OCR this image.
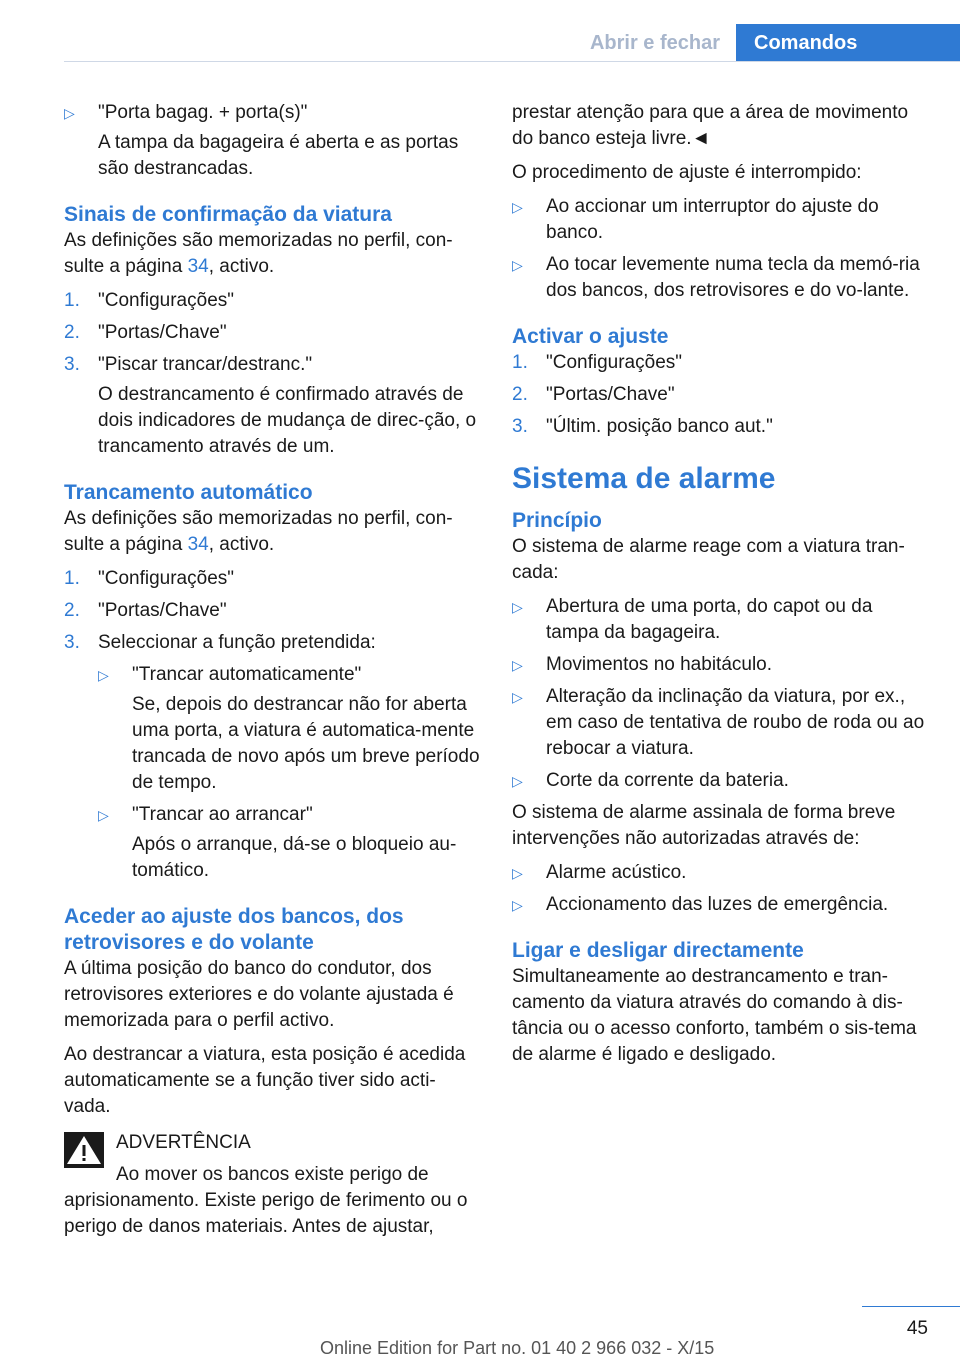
Abrir e fechar	Comandos
▷	"Porta bagag. + porta(s)"
A tampa da bagageira é aberta e as portas são destrancadas.
Sinais de confirmação da viatura

As definições são memorizadas no perfil, con-sulte a página 34, activo.

1. "Configurações"
2. "Portas/Chave"
3. "Piscar trancar/destranc."
O destrancamento é confirmado através de dois indicadores de mudança de direc-ção, o trancamento através de um.
Trancamento automático

As definições são memorizadas no perfil, con-sulte a página 34, activo.

1. "Configurações"
2. "Portas/Chave"
3. Seleccionar a função pretendida:
▷	"Trancar automaticamente"
Se, depois do destrancar não for aberta uma porta, a viatura é automatica-mente trancada de novo após um breve período de tempo.
▷	"Trancar ao arrancar"
Após o arranque, dá-se o bloqueio au-tomático.
Aceder ao ajuste dos bancos, dos retrovisores e do volante

A última posição do banco do condutor, dos retrovisores exteriores e do volante ajustada é memorizada para o perfil activo.

Ao destrancar a viatura, esta posição é acedida automaticamente se a função tiver sido acti-vada.

ADVERTÊNCIA
Ao mover os bancos existe perigo de
aprisionamento. Existe perigo de ferimento ou o perigo de danos materiais. Antes de ajustar,

prestar atenção para que a área de movimento do banco esteja livre.◄

O procedimento de ajuste é interrompido:

▷	Ao accionar um interruptor do ajuste do banco.
▷	Ao tocar levemente numa tecla da memó-ria dos bancos, dos retrovisores e do vo-lante.
Activar o ajuste
1. "Configurações"
2. "Portas/Chave"
3. "Últim. posição banco aut."
Sistema de alarme
Princípio

O sistema de alarme reage com a viatura tran-cada:

▷	Abertura de uma porta, do capot ou da tampa da bagageira.
▷	Movimentos no habitáculo.
▷	Alteração da inclinação da viatura, por ex., em caso de tentativa de roubo de roda ou ao rebocar a viatura.
▷	Corte da corrente da bateria.

O sistema de alarme assinala de forma breve intervenções não autorizadas através de:

▷	Alarme acústico.
▷	Accionamento das luzes de emergência.
Ligar e desligar directamente

Simultaneamente ao destrancamento e tran-camento da viatura através do comando à dis-tância ou o acesso conforto, também o sis-tema de alarme é ligado e desligado.

45
Online Edition for Part no. 01 40 2 966 032 - X/15
